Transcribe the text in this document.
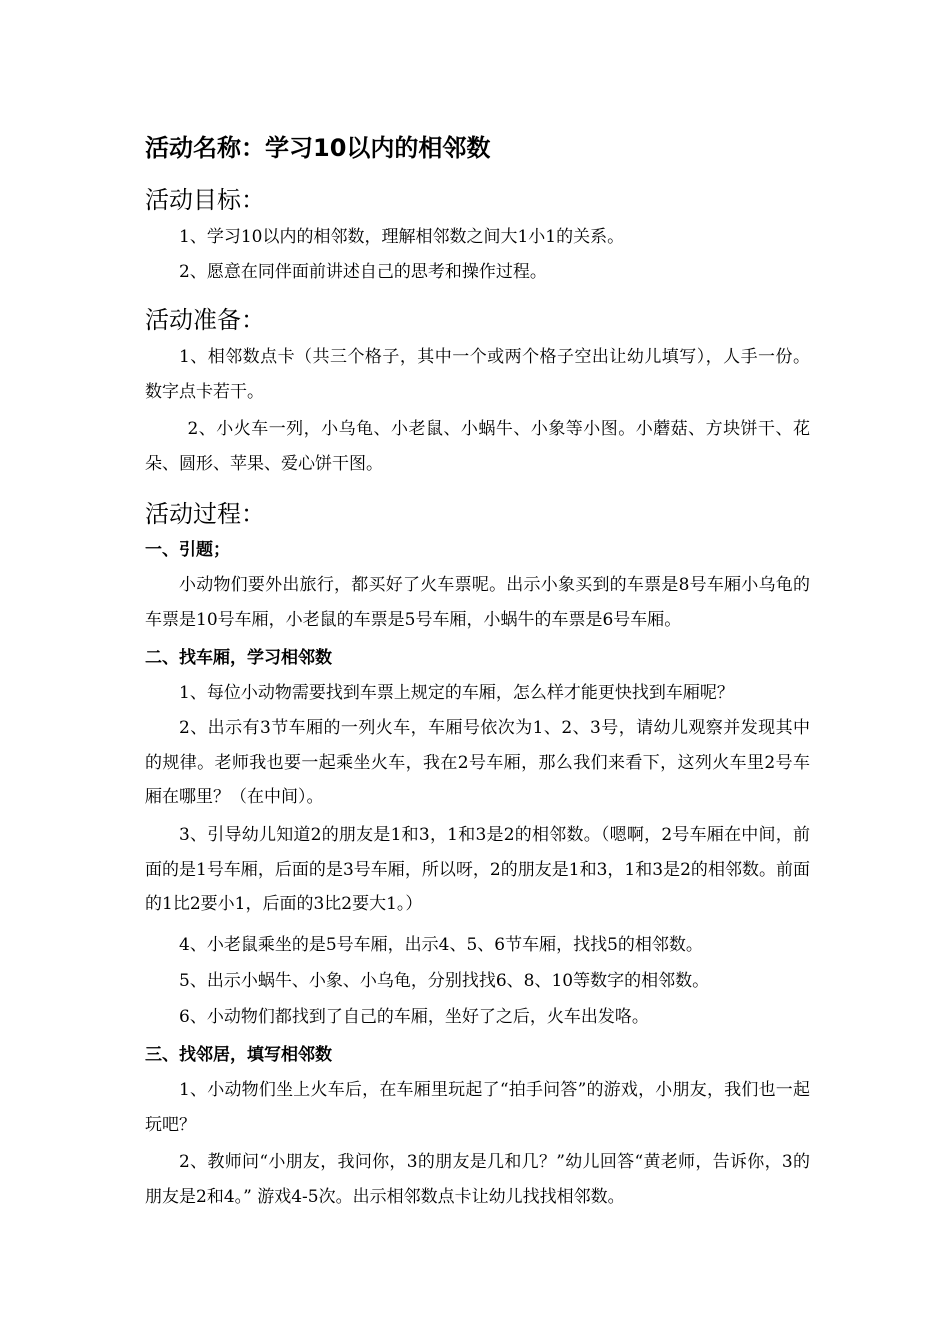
活动名称：学习10以内的相邻数
活动目标：

1、学习10以内的相邻数，理解相邻数之间大1小1的关系。

2、愿意在同伴面前讲述自己的思考和操作过程。

活动准备：

1、相邻数点卡（共三个格子，其中一个或两个格子空出让幼儿填写），人手一份。数字点卡若干。

2、小火车一列，小乌龟、小老鼠、小蜗牛、小象等小图。小蘑菇、方块饼干、花朵、圆形、苹果、爱心饼干图。

活动过程：
一、引题；

小动物们要外出旅行，都买好了火车票呢。出示小象买到的车票是8号车厢小乌龟的车票是10号车厢，小老鼠的车票是5号车厢，小蜗牛的车票是6号车厢。

二、找车厢，学习相邻数

1、每位小动物需要找到车票上规定的车厢，怎么样才能更快找到车厢呢？

2、出示有3节车厢的一列火车，车厢号依次为1、2、3号，请幼儿观察并发现其中的规律。老师我也要一起乘坐火车，我在2号车厢，那么我们来看下，这列火车里2号车厢在哪里？（在中间）。

3、引导幼儿知道2的朋友是1和3，1和3是2的相邻数。（嗯啊，2号车厢在中间，前面的是1号车厢，后面的是3号车厢，所以呀，2的朋友是1和3，1和3是2的相邻数。前面的1比2要小1，后面的3比2要大1。）

4、小老鼠乘坐的是5号车厢，出示4、5、6节车厢，找找5的相邻数。

5、出示小蜗牛、小象、小乌龟，分别找找6、8、10等数字的相邻数。

6、小动物们都找到了自己的车厢，坐好了之后，火车出发咯。

三、找邻居，填写相邻数

1、小动物们坐上火车后，在车厢里玩起了“拍手问答”的游戏，小朋友，我们也一起玩吧？

2、教师问“小朋友，我问你，3的朋友是几和几？”幼儿回答“黄老师，告诉你，3的朋友是2和4。” 游戏4-5次。出示相邻数点卡让幼儿找找相邻数。
